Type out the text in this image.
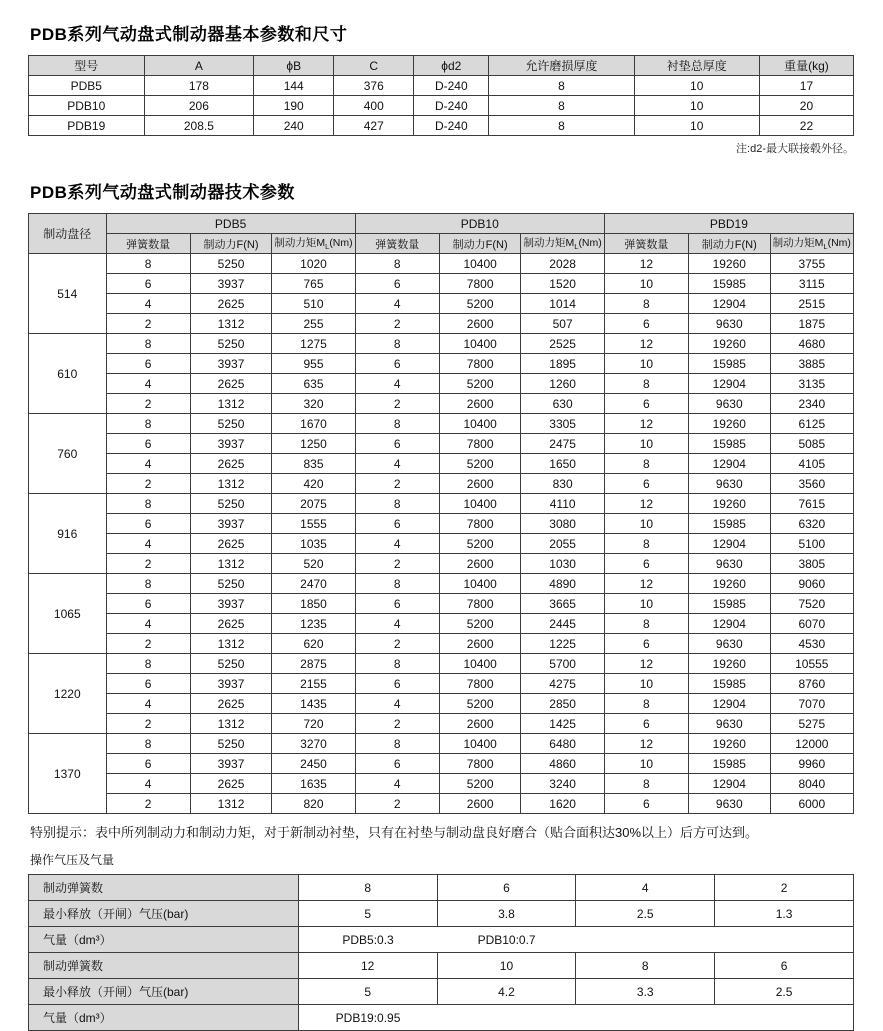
PDB系列气动盘式制动器基本参数和尺寸
型号	A	ϕB	C	ϕd2	允许磨损厚度	衬垫总厚度	重量(kg)
PDB5	178	144	376	D-240	8	10	17
PDB10	206	190	400	D-240	8	10	20
PDB19	208.5	240	427	D-240	8	10	22
注:d2-最大联接毂外径。
PDB系列气动盘式制动器技术参数
制动盘径	PDB5			PDB10			PBD19		
	弹簧数量	制动力F(N)	制动力矩$M_L(Nm)$	弹簧数量	制动力F(N)	制动力矩$M_L(Nm)$	弹簧数量	制动力F(N)	制动力矩$M_L(Nm)$
514	8	5250	1020	8	10400	2028	12	19260	3755
	6	3937	765	6	7800	1520	10	15985	3115
	4	2625	510	4	5200	1014	8	12904	2515
	2	1312	255	2	2600	507	6	9630	1875
610	8	5250	1275	8	10400	2525	12	19260	4680
	6	3937	955	6	7800	1895	10	15985	3885
	4	2625	635	4	5200	1260	8	12904	3135
	2	1312	320	2	2600	630	6	9630	2340
760	8	5250	1670	8	10400	3305	12	19260	6125
	6	3937	1250	6	7800	2475	10	15985	5085
	4	2625	835	4	5200	1650	8	12904	4105
	2	1312	420	2	2600	830	6	9630	3560
916	8	5250	2075	8	10400	4110	12	19260	7615
	6	3937	1555	6	7800	3080	10	15985	6320
	4	2625	1035	4	5200	2055	8	12904	5100
	2	1312	520	2	2600	1030	6	9630	3805
1065	8	5250	2470	8	10400	4890	12	19260	9060
	6	3937	1850	6	7800	3665	10	15985	7520
	4	2625	1235	4	5200	2445	8	12904	6070
	2	1312	620	2	2600	1225	6	9630	4530
1220	8	5250	2875	8	10400	5700	12	19260	10555
	6	3937	2155	6	7800	4275	10	15985	8760
	4	2625	1435	4	5200	2850	8	12904	7070
	2	1312	720	2	2600	1425	6	9630	5275
1370	8	5250	3270	8	10400	6480	12	19260	12000
	6	3937	2450	6	7800	4860	10	15985	9960
	4	2625	1635	4	5200	3240	8	12904	8040
	2	1312	820	2	2600	1620	6	9630	6000
特别提示：表中所列制动力和制动力矩，对于新制动衬垫，只有在衬垫与制动盘良好磨合（贴合面积达30%以上）后方可达到。
操作气压及气量
制动弹簧数	8	6	4	2
最小释放（开闸）气压(bar)	5	3.8	2.5	1.3
气量（dm³）	PDB5:0.3 PDB10:0.7			

制动弹簧数	12	10	8	6
最小释放（开闸）气压(bar)	5	4.2	3.3	2.5
气量（dm³）	PDB19:0.95			
